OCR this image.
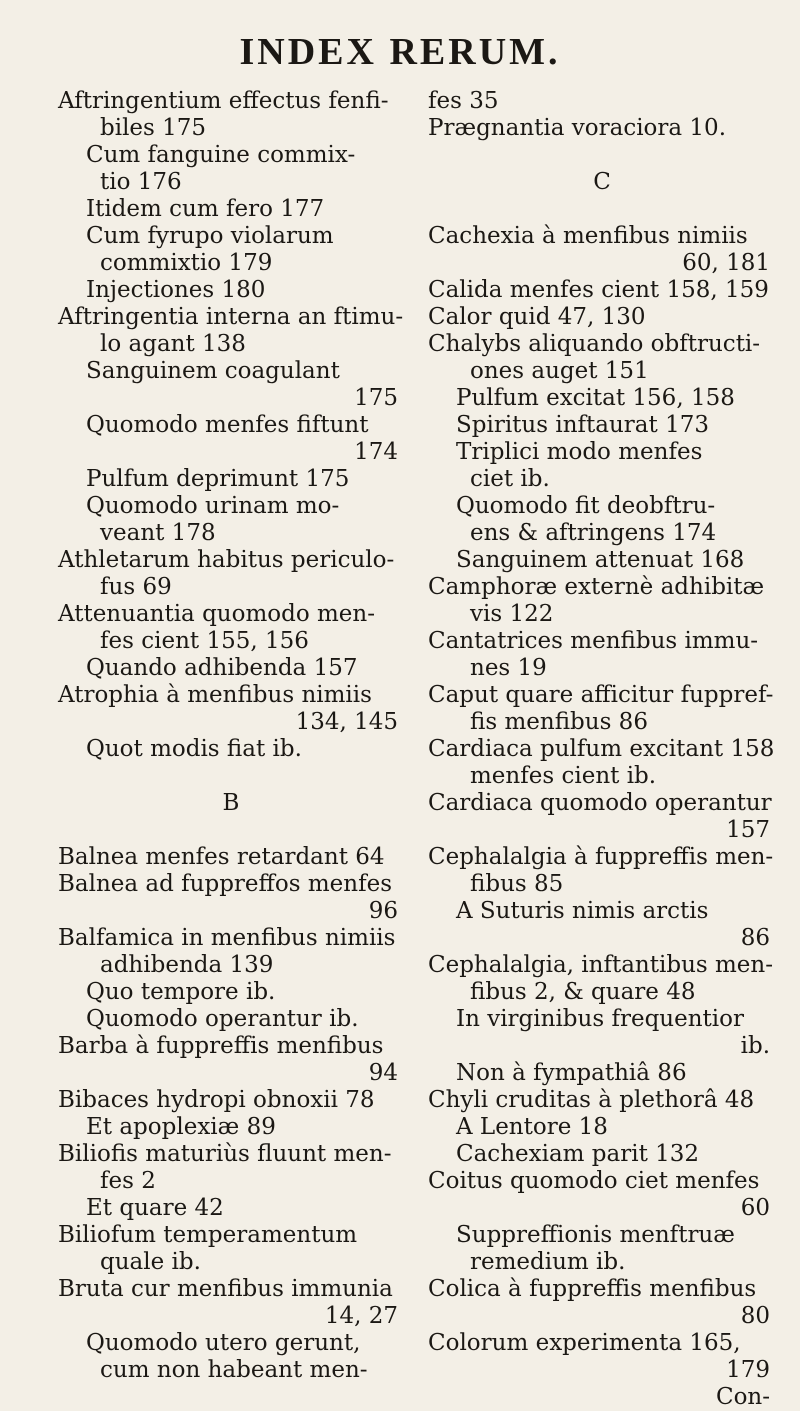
INDEX RERUM.
Aftringentium effectus fenfi-
biles 175
Cum fanguine commix-
tio 176
Itidem cum fero 177
Cum fyrupo violarum
commixtio 179
Injectiones 180
Aftringentia interna an ftimu-
lo agant 138
Sanguinem coagulant
175
Quomodo menfes fiftunt
174
Pulfum deprimunt 175
Quomodo urinam mo-
veant 178
Athletarum habitus periculo-
fus 69
Attenuantia quomodo men-
fes cient 155, 156
Quando adhibenda 157
Atrophia à menfibus nimiis
134, 145
Quot modis fiat ib.
B
Balnea menfes retardant 64
Balnea ad fuppreffos menfes
96
Balfamica in menfibus nimiis
adhibenda 139
Quo tempore ib.
Quomodo operantur ib.
Barba à fuppreffis menfibus
94
Bibaces hydropi obnoxii 78
Et apoplexiæ 89
Biliofis maturiùs fluunt men-
fes 2
Et quare 42
Biliofum temperamentum
quale ib.
Bruta cur menfibus immunia
14, 27
Quomodo utero gerunt,
cum non habeant men-
fes 35
Prægnantia voraciora 10.
C
Cachexia à menfibus nimiis
60, 181
Calida menfes cient 158, 159
Calor quid 47, 130
Chalybs aliquando obftructi-
ones auget 151
Pulfum excitat 156, 158
Spiritus inftaurat 173
Triplici modo menfes
ciet ib.
Quomodo fit deobftru-
ens & aftringens 174
Sanguinem attenuat 168
Camphoræ externè adhibitæ
vis 122
Cantatrices menfibus immu-
nes 19
Caput quare afficitur fuppref-
fis menfibus 86
Cardiaca pulfum excitant 158
menfes cient ib.
Cardiaca quomodo operantur
157
Cephalalgia à fuppreffis men-
fibus 85
A Suturis nimis arctis
86
Cephalalgia, inftantibus men-
fibus 2, & quare 48
In virginibus frequentior
ib.
Non à fympathiâ 86
Chyli cruditas à plethorâ 48
A Lentore 18
Cachexiam parit 132
Coitus quomodo ciet menfes
60
Suppreffionis menftruæ
remedium ib.
Colica à fuppreffis menfibus
80
Colorum experimenta 165,
179
Con-
